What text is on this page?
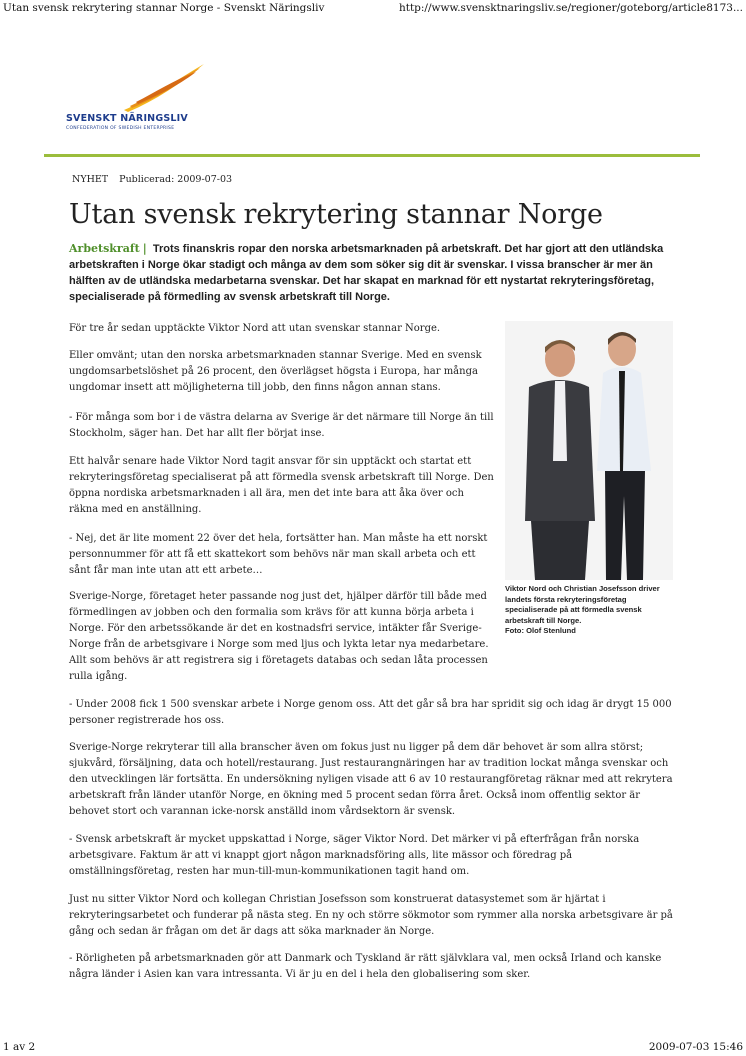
Utan svensk rekrytering stannar Norge - Svenskt Näringsliv	http://www.svensktnaringsliv.se/regioner/goteborg/article8173...
SVENSKT NÄRINGSLIV
CONFEDERATION OF SWEDISH ENTERPRISE
NYHET Publicerad: 2009-07-03
Utan svensk rekrytering stannar Norge

Arbetskraft | Trots finanskris ropar den norska arbetsmarknaden på arbetskraft. Det har gjort att den utländska arbetskraften i Norge ökar stadigt och många av dem som söker sig dit är svenskar. I vissa branscher är mer än hälften av de utländska medarbetarna svenskar. Det har skapat en marknad för ett nystartat rekryteringsföretag, specialiserade på förmedling av svensk arbetskraft till Norge.

Viktor Nord och Christian Josefsson driver landets första rekryteringsföretag specialiserade på att förmedla svensk arbetskraft till Norge.
Foto: Olof Stenlund

För tre år sedan upptäckte Viktor Nord att utan svenskar stannar Norge.

Eller omvänt; utan den norska arbetsmarknaden stannar Sverige. Med en svensk ungdomsarbetslöshet på 26 procent, den överlägset högsta i Europa, har många ungdomar insett att möjligheterna till jobb, den finns någon annan stans.

- För många som bor i de västra delarna av Sverige är det närmare till Norge än till Stockholm, säger han. Det har allt fler börjat inse.

Ett halvår senare hade Viktor Nord tagit ansvar för sin upptäckt och startat ett rekryteringsföretag specialiserat på att förmedla svensk arbetskraft till Norge. Den öppna nordiska arbetsmarknaden i all ära, men det inte bara att åka över och räkna med en anställning.

- Nej, det är lite moment 22 över det hela, fortsätter han. Man måste ha ett norskt personnummer för att få ett skattekort som behövs när man skall arbeta och ett sånt får man inte utan att ett arbete…

Sverige-Norge, företaget heter passande nog just det, hjälper därför till både med förmedlingen av jobben och den formalia som krävs för att kunna börja arbeta i Norge. För den arbetssökande är det en kostnadsfri service, intäkter får Sverige-Norge från de arbetsgivare i Norge som med ljus och lykta letar nya medarbetare. Allt som behövs är att registrera sig i företagets databas och sedan låta processen rulla igång.

- Under 2008 fick 1 500 svenskar arbete i Norge genom oss. Att det går så bra har spridit sig och idag är drygt 15 000 personer registrerade hos oss.

Sverige-Norge rekryterar till alla branscher även om fokus just nu ligger på dem där behovet är som allra störst; sjukvård, försäljning, data och hotell/restaurang. Just restaurangnäringen har av tradition lockat många svenskar och den utvecklingen lär fortsätta. En undersökning nyligen visade att 6 av 10 restaurangföretag räknar med att rekrytera arbetskraft från länder utanför Norge, en ökning med 5 procent sedan förra året. Också inom offentlig sektor är behovet stort och varannan icke-norsk anställd inom vårdsektorn är svensk.

- Svensk arbetskraft är mycket uppskattad i Norge, säger Viktor Nord. Det märker vi på efterfrågan från norska arbetsgivare. Faktum är att vi knappt gjort någon marknadsföring alls, lite mässor och föredrag på omställningsföretag, resten har mun-till-mun-kommunikationen tagit hand om.

Just nu sitter Viktor Nord och kollegan Christian Josefsson som konstruerat datasystemet som är hjärtat i rekryteringsarbetet och funderar på nästa steg. En ny och större sökmotor som rymmer alla norska arbetsgivare är på gång och sedan är frågan om det är dags att söka marknader än Norge.

- Rörligheten på arbetsmarknaden gör att Danmark och Tyskland är rätt självklara val, men också Irland och kanske några länder i Asien kan vara intressanta. Vi är ju en del i hela den globalisering som sker.

1 av 2	2009-07-03 15:46
